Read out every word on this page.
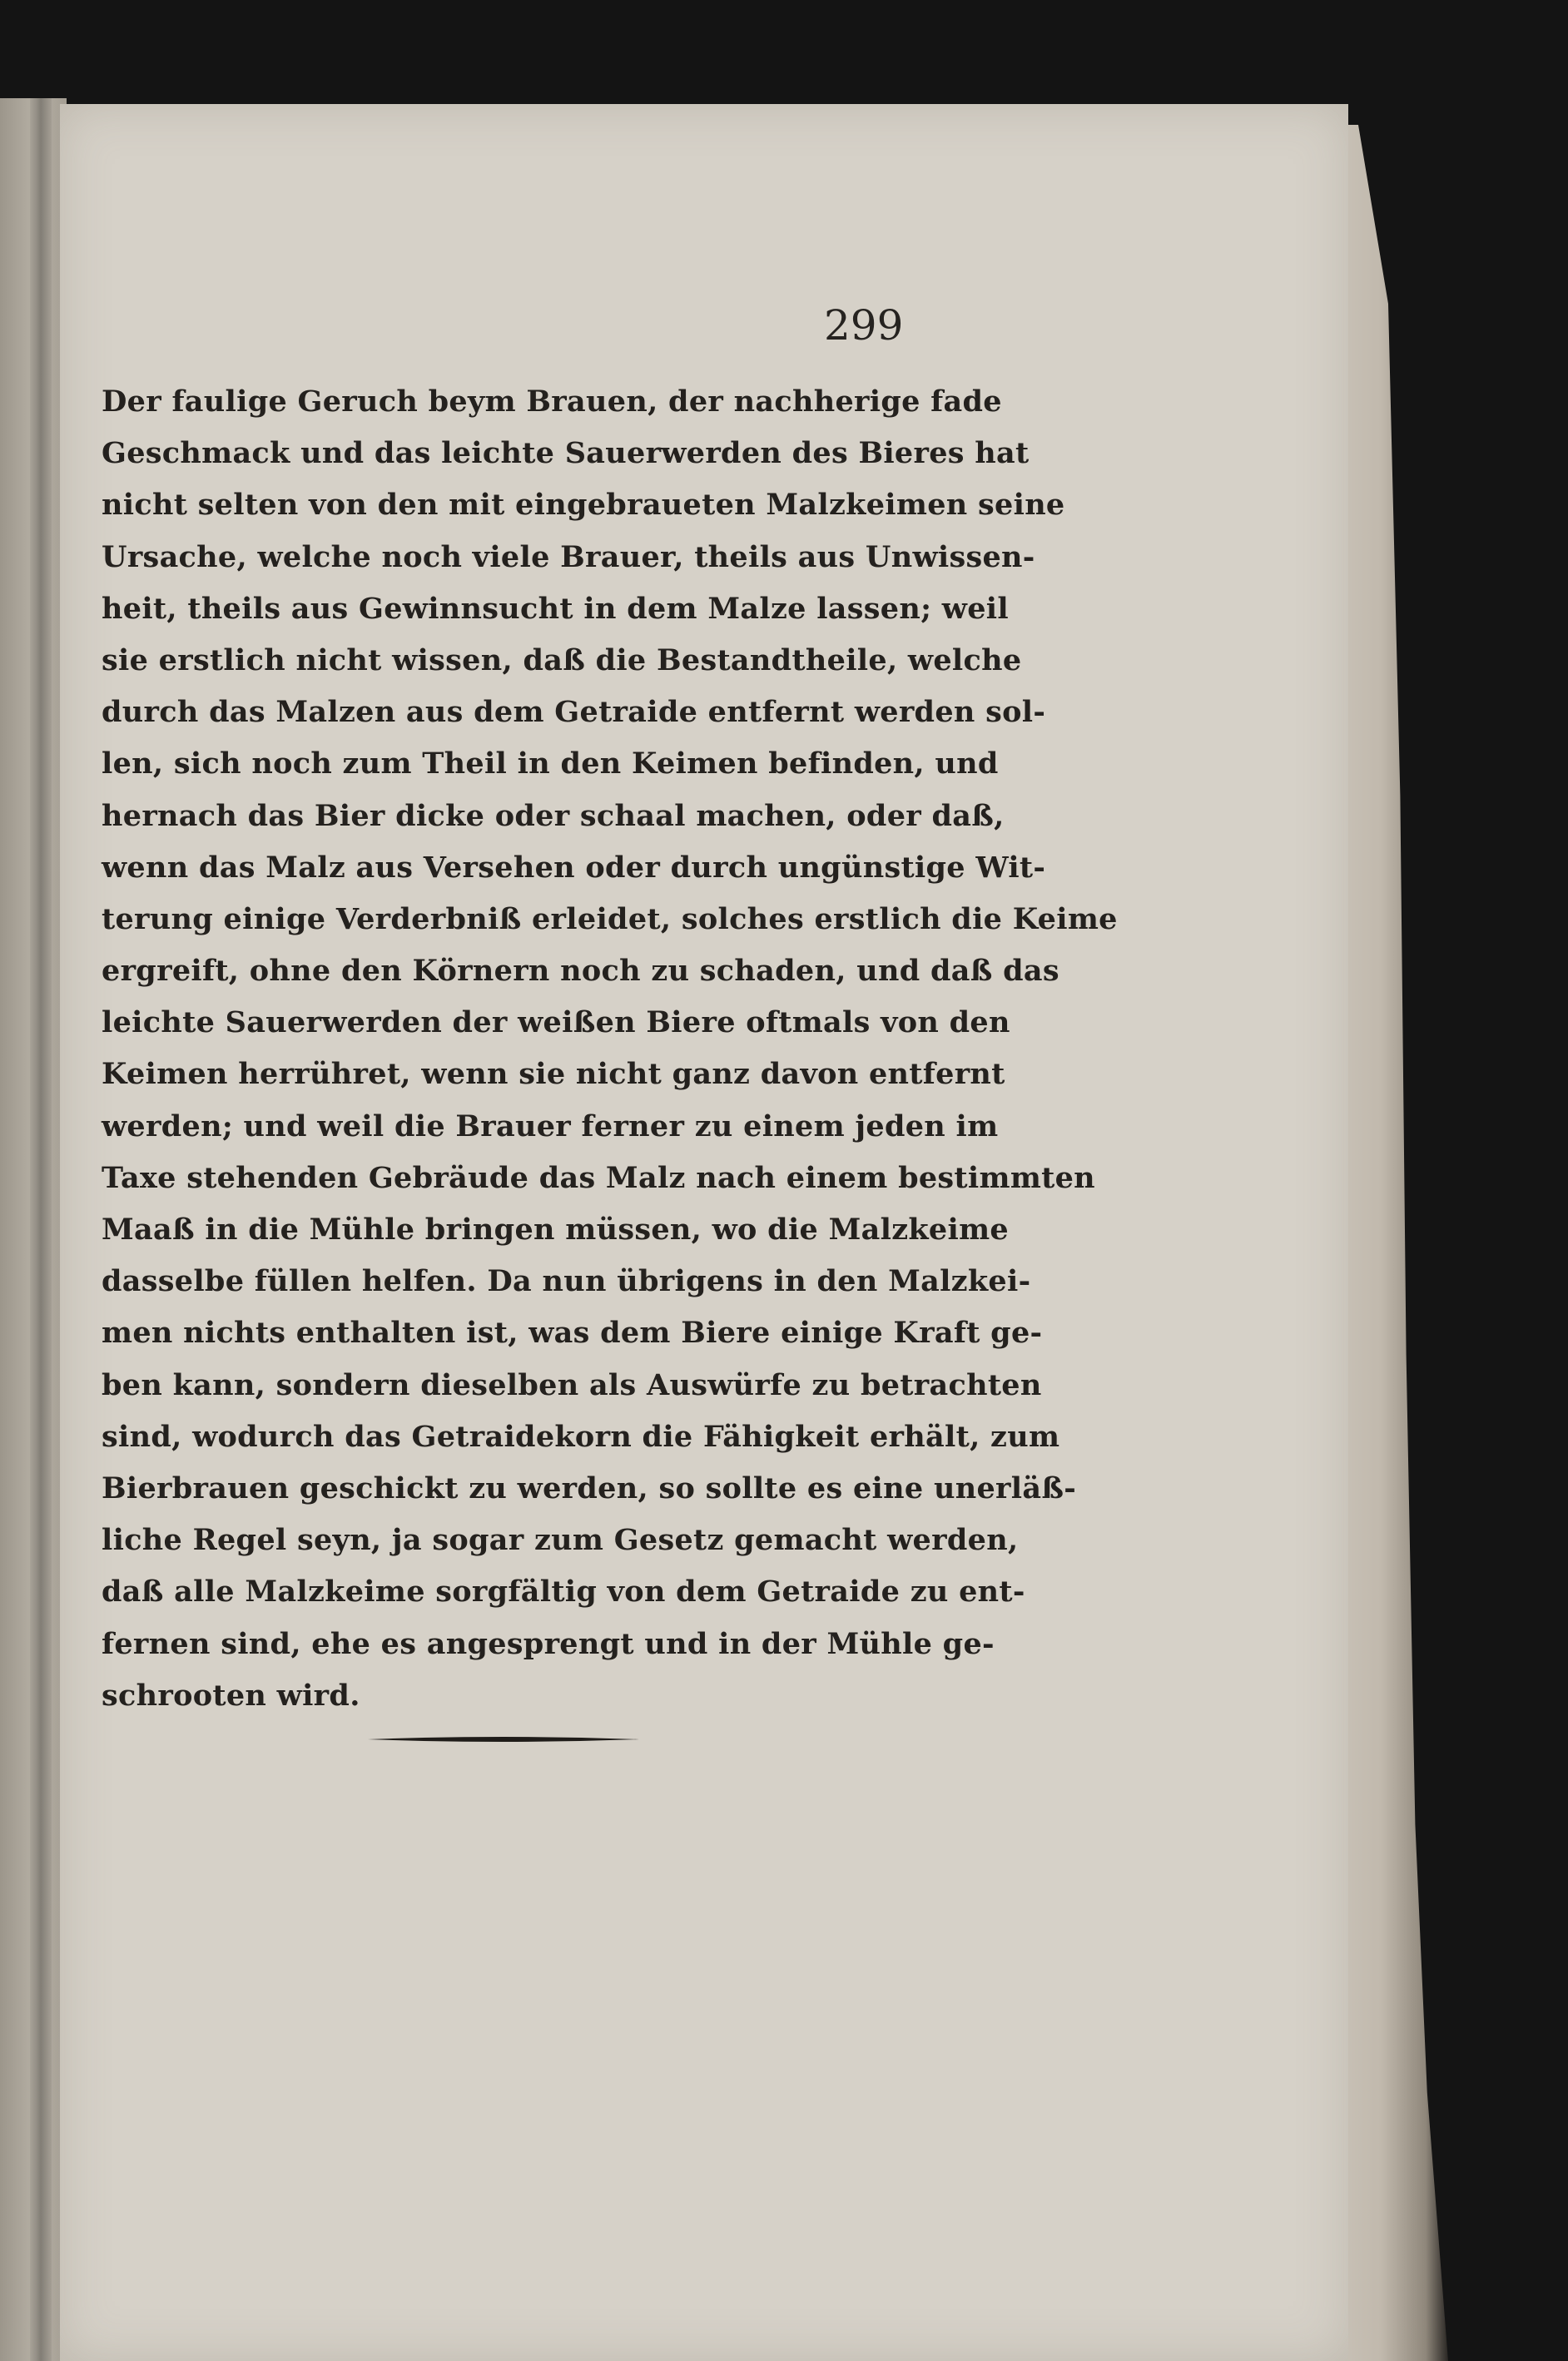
299
Der faulige Geruch beym Brauen, der nachherige fade
Geschmack und das leichte Sauerwerden des Bieres hat
nicht selten von den mit eingebraueten Malzkeimen seine
Ursache, welche noch viele Brauer, theils aus Unwissen-
heit, theils aus Gewinnsucht in dem Malze lassen; weil
sie erstlich nicht wissen, daß die Bestandtheile, welche
durch das Malzen aus dem Getraide entfernt werden sol-
len, sich noch zum Theil in den Keimen befinden, und
hernach das Bier dicke oder schaal machen, oder daß,
wenn das Malz aus Versehen oder durch ungünstige Wit-
terung einige Verderbniß erleidet, solches erstlich die Keime
ergreift, ohne den Körnern noch zu schaden, und daß das
leichte Sauerwerden der weißen Biere oftmals von den
Keimen herrühret, wenn sie nicht ganz davon entfernt
werden; und weil die Brauer ferner zu einem jeden im
Taxe stehenden Gebräude das Malz nach einem bestimmten
Maaß in die Mühle bringen müssen, wo die Malzkeime
dasselbe füllen helfen. Da nun übrigens in den Malzkei-
men nichts enthalten ist, was dem Biere einige Kraft ge-
ben kann, sondern dieselben als Auswürfe zu betrachten
sind, wodurch das Getraidekorn die Fähigkeit erhält, zum
Bierbrauen geschickt zu werden, so sollte es eine unerläß-
liche Regel seyn, ja sogar zum Gesetz gemacht werden,
daß alle Malzkeime sorgfältig von dem Getraide zu ent-
fernen sind, ehe es angesprengt und in der Mühle ge-
schrooten wird.
